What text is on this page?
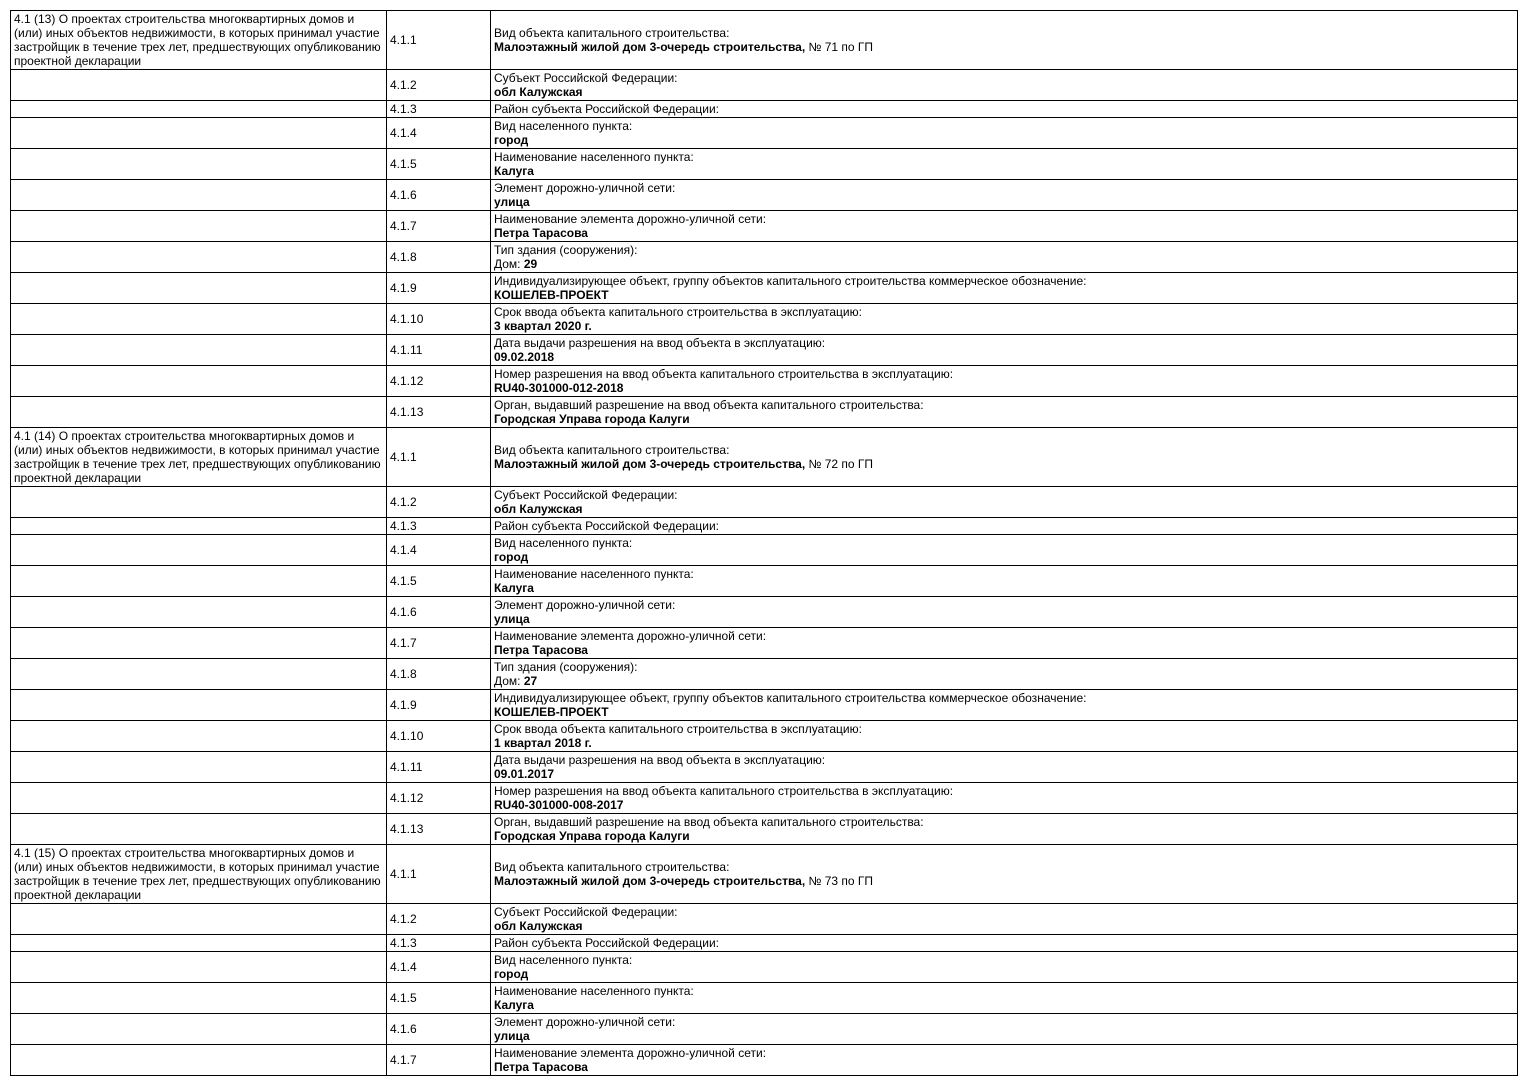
4.1 (13) О проектах строительства многоквартирных домов и (или) иных объектов недвижимости, в которых принимал участие застройщик в течение трех лет, предшествующих опубликованию проектной декларации	4.1.1	Вид объекта капитального строительства:
Малоэтажный жилой дом 3-очередь строительства, № 71 по ГП

	4.1.2	Субъект Российской Федерации:
обл Калужская

	4.1.3	Район субъекта Российской Федерации:

	4.1.4	Вид населенного пункта:
город

	4.1.5	Наименование населенного пункта:
Калуга

	4.1.6	Элемент дорожно-уличной сети:
улица

	4.1.7	Наименование элемента дорожно-уличной сети:
Петра Тарасова

	4.1.8	Тип здания (сооружения):
Дом: 29

	4.1.9	Индивидуализирующее объект, группу объектов капитального строительства коммерческое обозначение:
КОШЕЛЕВ-ПРОЕКТ

	4.1.10	Срок ввода объекта капитального строительства в эксплуатацию:
3 квартал 2020 г.

	4.1.11	Дата выдачи разрешения на ввод объекта в эксплуатацию:
09.02.2018

	4.1.12	Номер разрешения на ввод объекта капитального строительства в эксплуатацию:
RU40-301000-012-2018

	4.1.13	Орган, выдавший разрешение на ввод объекта капитального строительства:
Городская Управа города Калуги

4.1 (14) О проектах строительства многоквартирных домов и (или) иных объектов недвижимости, в которых принимал участие застройщик в течение трех лет, предшествующих опубликованию проектной декларации	4.1.1	Вид объекта капитального строительства:
Малоэтажный жилой дом 3-очередь строительства, № 72 по ГП

	4.1.2	Субъект Российской Федерации:
обл Калужская

	4.1.3	Район субъекта Российской Федерации:

	4.1.4	Вид населенного пункта:
город

	4.1.5	Наименование населенного пункта:
Калуга

	4.1.6	Элемент дорожно-уличной сети:
улица

	4.1.7	Наименование элемента дорожно-уличной сети:
Петра Тарасова

	4.1.8	Тип здания (сооружения):
Дом: 27

	4.1.9	Индивидуализирующее объект, группу объектов капитального строительства коммерческое обозначение:
КОШЕЛЕВ-ПРОЕКТ

	4.1.10	Срок ввода объекта капитального строительства в эксплуатацию:
1 квартал 2018 г.

	4.1.11	Дата выдачи разрешения на ввод объекта в эксплуатацию:
09.01.2017

	4.1.12	Номер разрешения на ввод объекта капитального строительства в эксплуатацию:
RU40-301000-008-2017

	4.1.13	Орган, выдавший разрешение на ввод объекта капитального строительства:
Городская Управа города Калуги

4.1 (15) О проектах строительства многоквартирных домов и (или) иных объектов недвижимости, в которых принимал участие застройщик в течение трех лет, предшествующих опубликованию проектной декларации	4.1.1	Вид объекта капитального строительства:
Малоэтажный жилой дом 3-очередь строительства, № 73 по ГП

	4.1.2	Субъект Российской Федерации:
обл Калужская

	4.1.3	Район субъекта Российской Федерации:

	4.1.4	Вид населенного пункта:
город

	4.1.5	Наименование населенного пункта:
Калуга

	4.1.6	Элемент дорожно-уличной сети:
улица

	4.1.7	Наименование элемента дорожно-уличной сети:
Петра Тарасова
